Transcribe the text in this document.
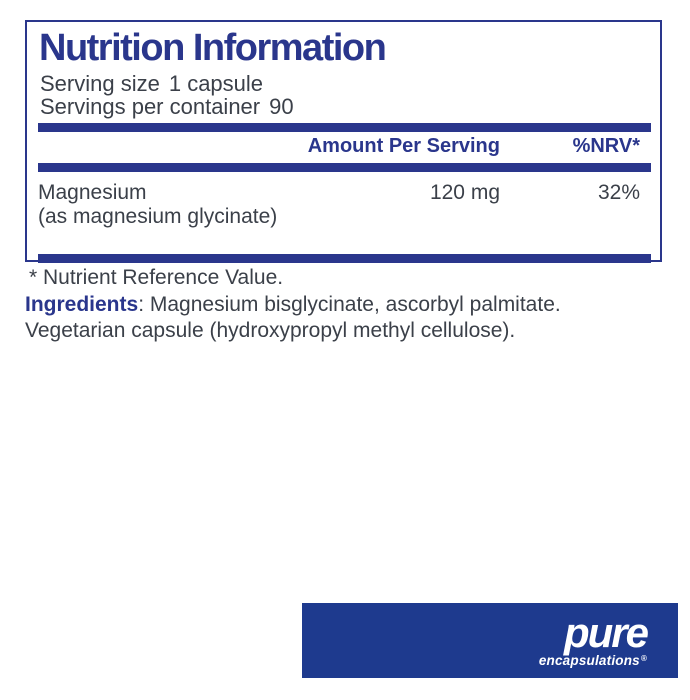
Nutrition Information
Serving size 1 capsule
Servings per container 90
Amount Per Serving	%NRV*
Magnesium
(as magnesium glycinate)
120 mg	32%

* Nutrient Reference Value.

Ingredients: Magnesium bisglycinate, ascorbyl palmitate.
Vegetarian capsule (hydroxypropyl methyl cellulose).

pure
encapsulations®
